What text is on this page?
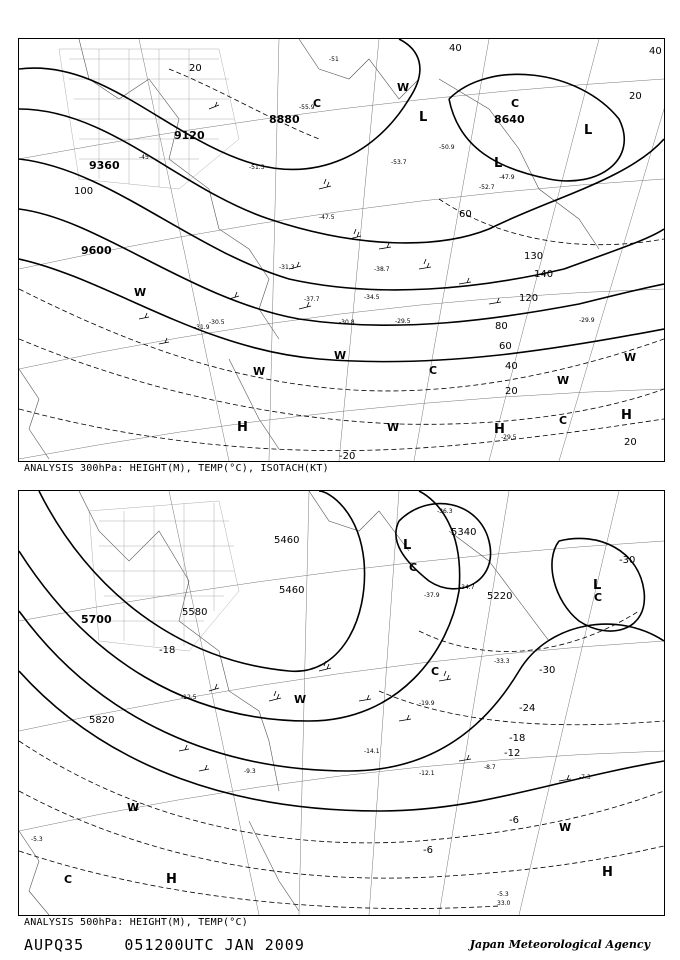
9120
8880	8640
9360
9600
20
40	40
60
80
100
120
130
140
60
40
20
20
20
-20
-45
-51
-51.3
-55.9
-53.7
-50.9
-47.9
-52.7
-31.3
-30.8
-34.5
-29.5	-29.9
-31.9
-47.5
-38.7
-37.7
-29.5
-30.5
L
L
L
H	H
H
C	C
C
C
W
W
W
W
W
W
W
ANALYSIS 300hPa: HEIGHT(M), TEMP(°C), ISOTACH(KT)
5460
5460
5340
5220
5580
5700
5820
-30
-30
-24
-18
-18
-12
-6
-6
-36.3
-37.9
-34.7
-33.3
-19.9
-14.1
-12.1
-8.7
-7.3
-5.3
33.0
-12.5
-9.3
-5.3
L
L
H	H
C
C
C
C
W
W
W
ANALYSIS 500hPa: HEIGHT(M), TEMP(°C)
AUPQ35	051200UTC JAN 2009	Japan Meteorological Agency
